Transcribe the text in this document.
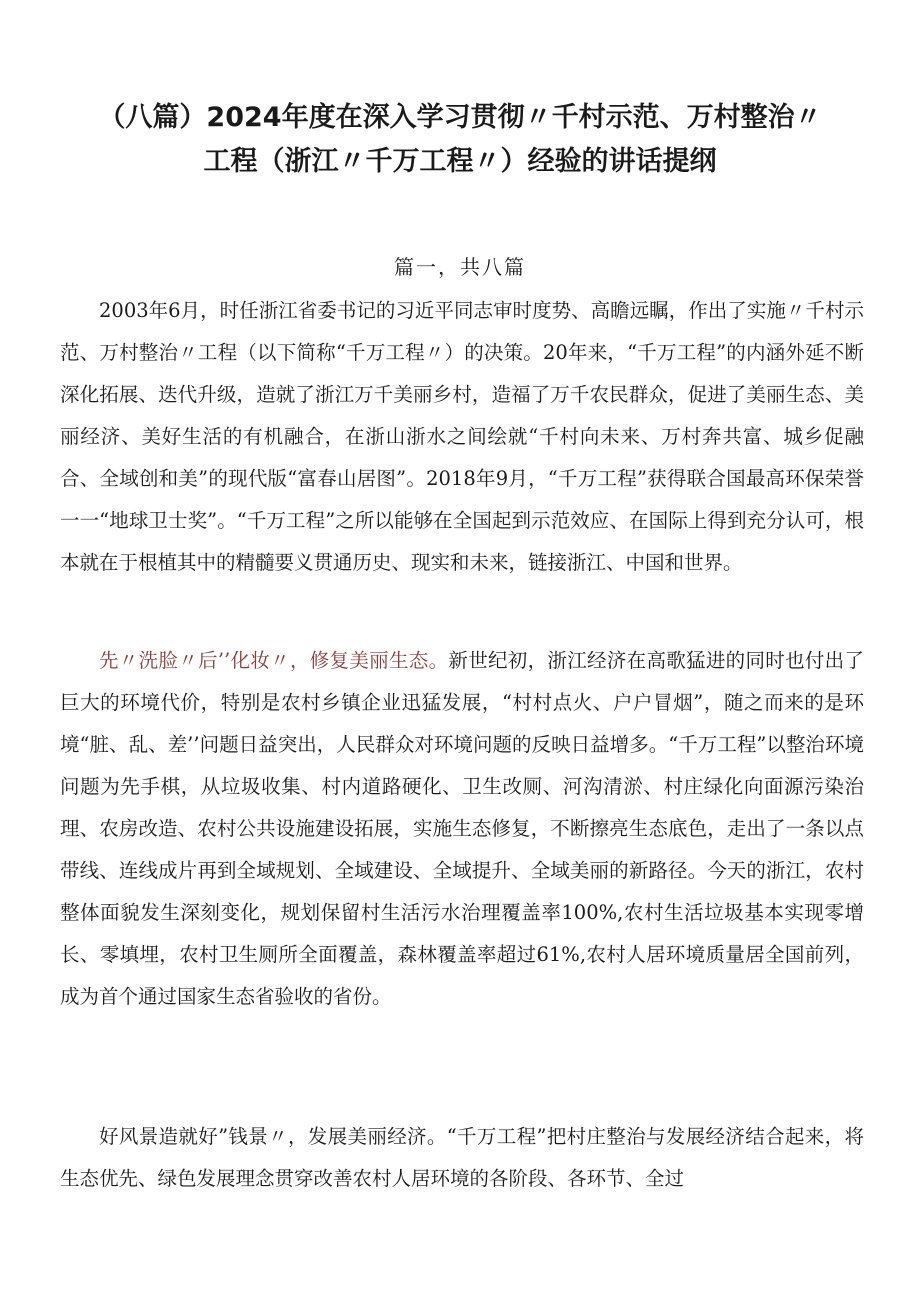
（八篇）2024年度在深入学习贯彻〃千村示范、万村整治〃
工程（浙江〃千万工程〃）经验的讲话提纲
篇一，共八篇

2003年6月，时任浙江省委书记的习近平同志审时度势、高瞻远瞩，作出了实施〃千村示范、万村整治〃工程（以下简称“千万工程〃）的决策。20年来，“千万工程”的内涵外延不断深化拓展、迭代升级，造就了浙江万千美丽乡村，造福了万千农民群众，促进了美丽生态、美丽经济、美好生活的有机融合，在浙山浙水之间绘就“千村向未来、万村奔共富、城乡促融合、全域创和美”的现代版“富春山居图”。2018年9月，“千万工程”获得联合国最高环保荣誉一一“地球卫士奖”。“千万工程”之所以能够在全国起到示范效应、在国际上得到充分认可，根本就在于根植其中的精髓要义贯通历史、现实和未来，链接浙江、中国和世界。

先〃洗脸〃后’’化妆〃，修复美丽生态。新世纪初，浙江经济在高歌猛进的同时也付出了巨大的环境代价，特别是农村乡镇企业迅猛发展，“村村点火、户户冒烟”，随之而来的是环境“脏、乱、差’’问题日益突出，人民群众对环境问题的反映日益增多。“千万工程”以整治环境问题为先手棋，从垃圾收集、村内道路硬化、卫生改厕、河沟清淤、村庄绿化向面源污染治理、农房改造、农村公共设施建设拓展，实施生态修复，不断擦亮生态底色，走出了一条以点带线、连线成片再到全域规划、全域建设、全域提升、全域美丽的新路径。今天的浙江，农村整体面貌发生深刻变化，规划保留村生活污水治理覆盖率100%,农村生活垃圾基本实现零增长、零填埋，农村卫生厕所全面覆盖，森林覆盖率超过61%,农村人居环境质量居全国前列，成为首个通过国家生态省验收的省份。

好风景造就好”钱景〃，发展美丽经济。“千万工程”把村庄整治与发展经济结合起来，将生态优先、绿色发展理念贯穿改善农村人居环境的各阶段、各环节、全过
